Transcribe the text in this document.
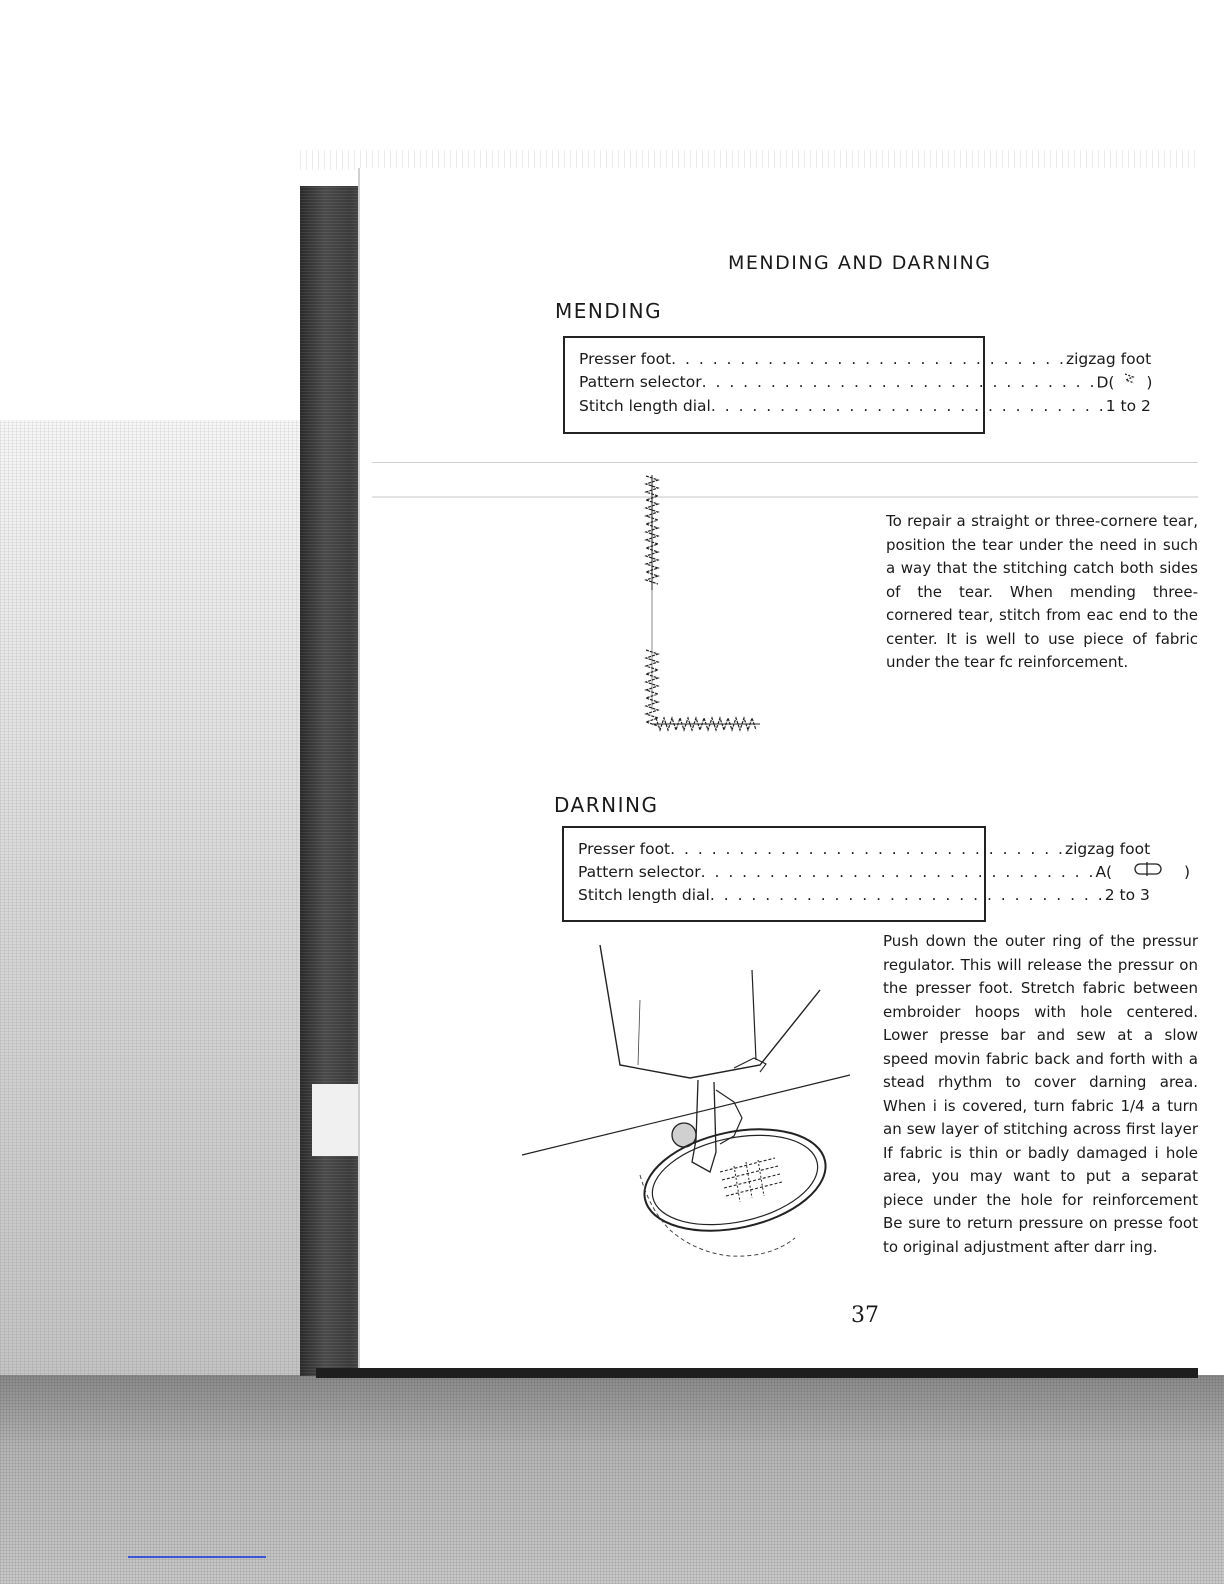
MENDING AND DARNING
MENDING
Presser foot . . . . . . . . . . . . . . . . . . . . . . . . . . . . . zigzag foot
Pattern selector . . . . . . . . . . . . . . . . . . . . . . . . . . . . . D( )
Stitch length dial . . . . . . . . . . . . . . . . . . . . . . . . . . . . . 1 to 2
To repair a straight or three-cornere tear, position the tear under the need in such a way that the stitching catch both sides of the tear. When mending three-cornered tear, stitch from eac end to the center. It is well to use piece of fabric under the tear fc reinforcement.
DARNING
Presser foot . . . . . . . . . . . . . . . . . . . . . . . . . . . . . zigzag foot
Pattern selector . . . . . . . . . . . . . . . . . . . . . . . . . . . . . A(	)
Stitch length dial . . . . . . . . . . . . . . . . . . . . . . . . . . . . . 2 to 3
Push down the outer ring of the pressur regulator. This will release the pressur on the presser foot. Stretch fabric between embroider hoops with hole centered. Lower presse bar and sew at a slow speed movin fabric back and forth with a stead rhythm to cover darning area. When i is covered, turn fabric 1/4 a turn an sew layer of stitching across first layer If fabric is thin or badly damaged i hole area, you may want to put a separat piece under the hole for reinforcement Be sure to return pressure on presse foot to original adjustment after darr ing.
37
